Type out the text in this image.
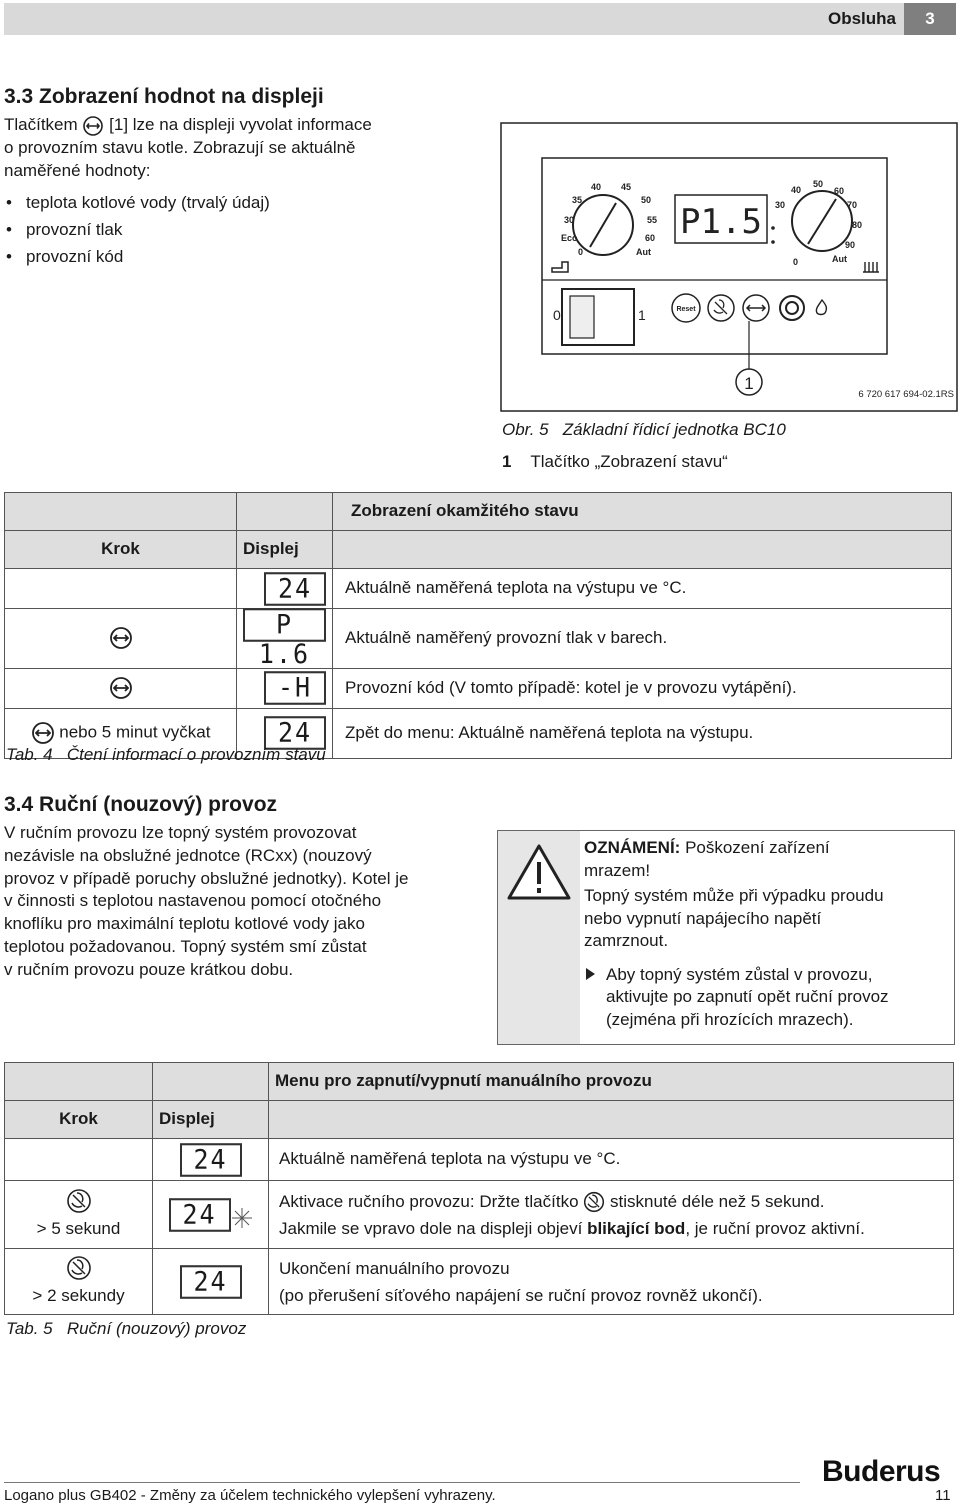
Obsluha	3
3.3 Zobrazení hodnot na displeji
Tlačítkem [1] lze na displeji vyvolat informace
o provozním stavu kotle. Zobrazují se aktuálně
naměřené hodnoty:
• teplota kotlové vody (trvalý údaj)
• provozní tlak
• provozní kód
35
40 45
50
55
60
30
Eco
0	Aut
P1.5
40
50
60
70
30
80
90
0	Aut
0	1	Reset
1
6 720 617 694-02.1RS
Obr. 5 Základní řídicí jednotka BC10
1 Tlačítko „Zobrazení stavu“
		Zobrazení okamžitého stavu
Krok	Displej	
	24	Aktuálně naměřená teplota na výstupu ve °C.
	P 1.6	Aktuálně naměřený provozní tlak v barech.
	-H	Provozní kód (V tomto případě: kotel je v provozu vytápění).
nebo 5 minut vyčkat	24	Zpět do menu: Aktuálně naměřená teplota na výstupu.
Tab. 4 Čtení informací o provozním stavu
3.4 Ruční (nouzový) provoz
V ručním provozu lze topný systém provozovat
nezávisle na obslužné jednotce (RCxx) (nouzový
provoz v případě poruchy obslužné jednotky). Kotel je
v činnosti s teplotou nastavenou pomocí otočného
knoflíku pro maximální teplotu kotlové vody jako
teplotou požadovanou. Topný systém smí zůstat
v ručním provozu pouze krátkou dobu.
OZNÁMENÍ: Poškození zařízení
mrazem!
Topný systém může při výpadku proudu
nebo vypnutí napájecího napětí
zamrznout.
Aby topný systém zůstal v provozu,
aktivujte po zapnutí opět ruční provoz
(zejména při hrozících mrazech).
		Menu pro zapnutí/vypnutí manuálního provozu
Krok	Displej	
	24	Aktuálně naměřená teplota na výstupu ve °C.

> 5 sekund	24	Aktivace ručního provozu: Držte tlačítko stisknuté déle než 5 sekund.
Jakmile se vpravo dole na displeji objeví blikající bod, je ruční provoz aktivní.

> 2 sekundy	24	Ukončení manuálního provozu
(po přerušení síťového napájení se ruční provoz rovněž ukončí).
Tab. 5 Ruční (nouzový) provoz
Buderus
Logano plus GB402 - Změny za účelem technického vylepšení vyhrazeny.	11
